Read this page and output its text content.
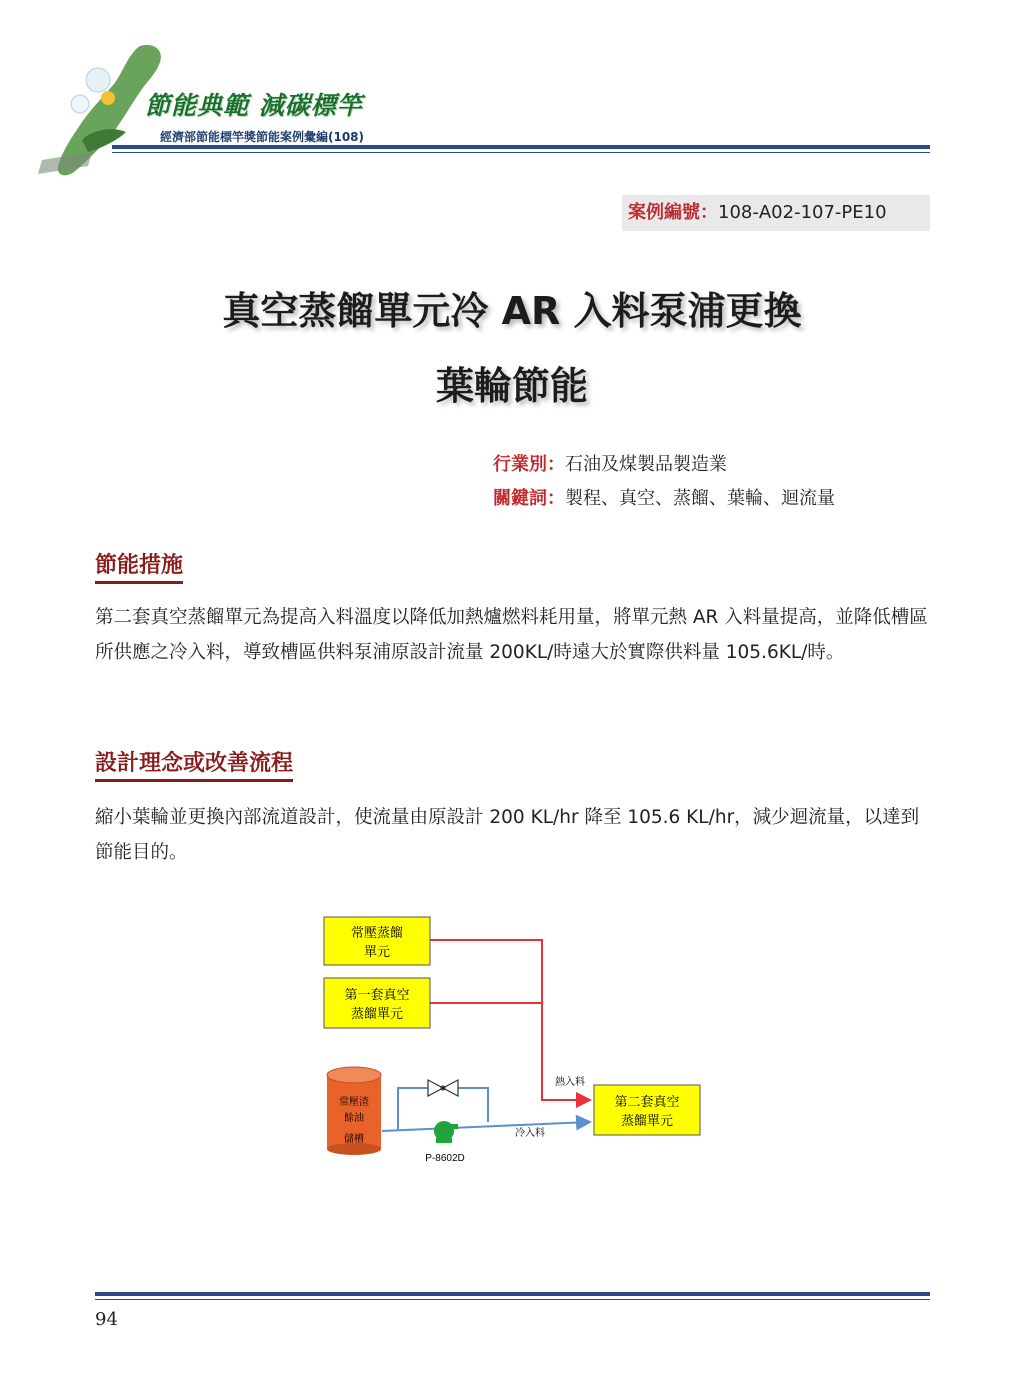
節能典範 減碳標竿
經濟部節能標竿獎節能案例彙編(108)
案例編號：108-A02-107-PE10
真空蒸餾單元冷 AR 入料泵浦更換
葉輪節能
行業別：石油及煤製品製造業
關鍵詞：製程、真空、蒸餾、葉輪、迴流量
節能措施
第二套真空蒸餾單元為提高入料溫度以降低加熱爐燃料耗用量，將單元熱 AR 入料量提高，並降低槽區所供應之冷入料，導致槽區供料泵浦原設計流量 200KL/時遠大於實際供料量 105.6KL/時。
設計理念或改善流程
縮小葉輪並更換內部流道設計，使流量由原設計 200 KL/hr 降至 105.6 KL/hr，減少迴流量，以達到節能目的。
常壓蒸餾
單元
第一套真空
蒸餾單元
常壓渣
餘油
儲槽
P-8602D
熱入料
冷入料
第二套真空
蒸餾單元
94
